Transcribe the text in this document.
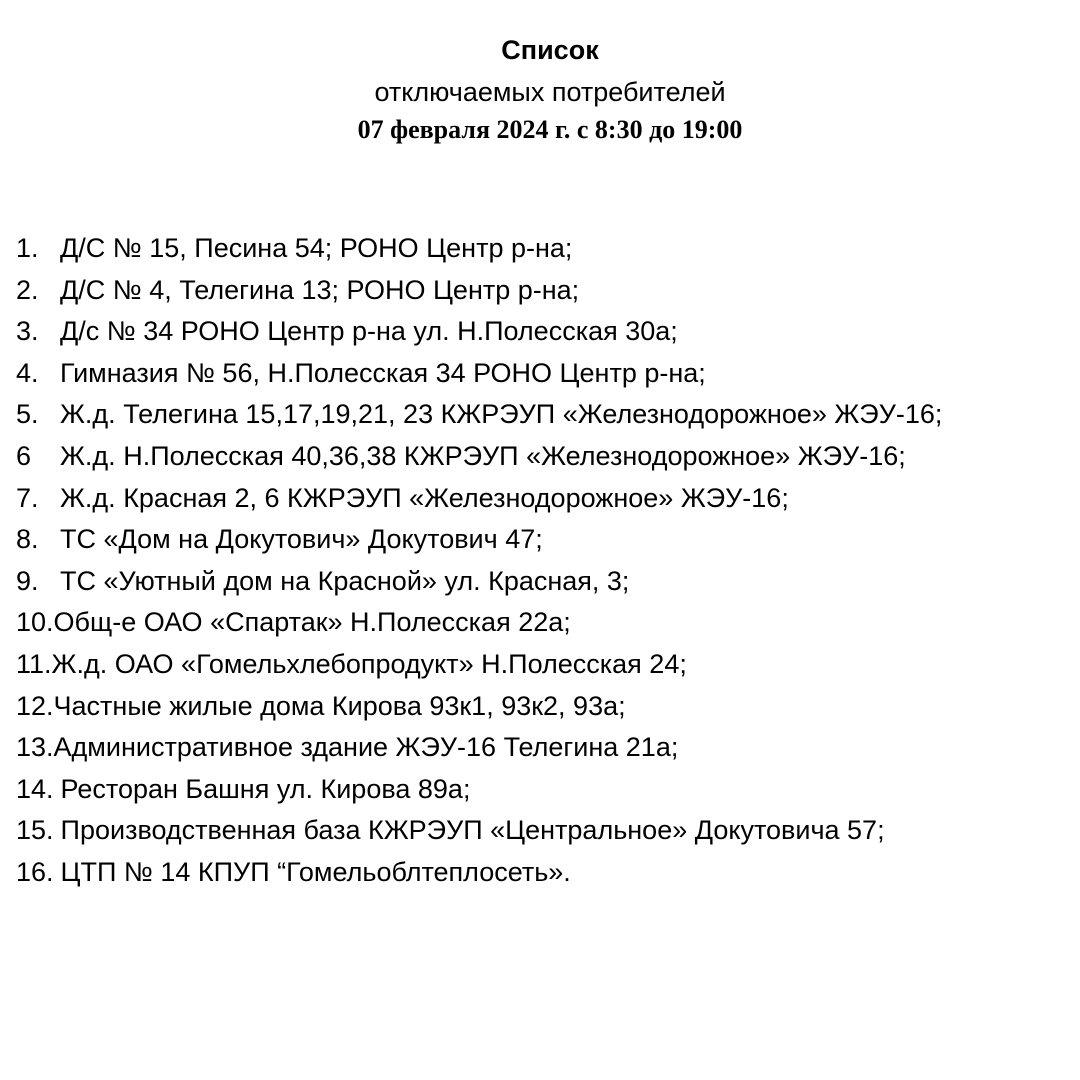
Список
отключаемых потребителей
07 февраля 2024 г. с 8:30 до 19:00
1. Д/С № 15, Песина 54; РОНО Центр р-на;
2. Д/С № 4, Телегина 13; РОНО Центр р-на;
3. Д/с № 34 РОНО Центр р-на ул. Н.Полесская 30а;
4. Гимназия № 56, Н.Полесская 34 РОНО Центр р-на;
5. Ж.д. Телегина 15,17,19,21, 23 КЖРЭУП «Железнодорожное» ЖЭУ-16;
6	Ж.д. Н.Полесская 40,36,38 КЖРЭУП «Железнодорожное» ЖЭУ-16;
7. Ж.д. Красная 2, 6 КЖРЭУП «Железнодорожное» ЖЭУ-16;
8. ТС «Дом на Докутович» Докутович 47;
9. ТС «Уютный дом на Красной» ул. Красная, 3;
10. Общ-е ОАО «Спартак» Н.Полесская 22а;
11. Ж.д. ОАО «Гомельхлебопродукт» Н.Полесская 24;
12. Частные жилые дома Кирова 93к1, 93к2, 93а;
13. Административное здание ЖЭУ-16 Телегина 21а;
14. Ресторан Башня ул. Кирова 89а;
15. Производственная база КЖРЭУП «Центральное» Докутовича 57;
16. ЦТП № 14 КПУП “Гомельоблтеплосеть».
